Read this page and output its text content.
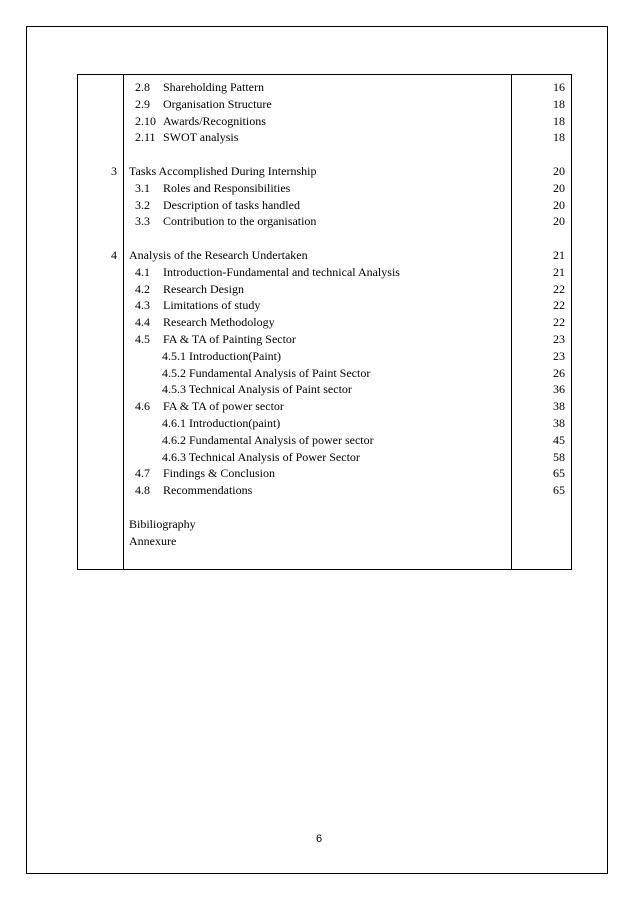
2.8 Shareholding Pattern	16
2.9 Organisation Structure	18
2.10 Awards/Recognitions	18
2.11 SWOT analysis	18
3 Tasks Accomplished During Internship	20
3.1 Roles and Responsibilities	20
3.2 Description of tasks handled	20
3.3 Contribution to the organisation	20
4 Analysis of the Research Undertaken	21
4.1 Introduction-Fundamental and technical Analysis	21
4.2 Research Design	22
4.3 Limitations of study	22
4.4 Research Methodology	22
4.5 FA & TA of Painting Sector	23
4.5.1 Introduction(Paint)	23
4.5.2 Fundamental Analysis of Paint Sector	26
4.5.3 Technical Analysis of Paint sector	36
4.6 FA & TA of power sector	38
4.6.1 Introduction(paint)	38
4.6.2 Fundamental Analysis of power sector	45
4.6.3 Technical Analysis of Power Sector	58
4.7 Findings & Conclusion	65
4.8 Recommendations	65
Bibiliography
Annexure
6
